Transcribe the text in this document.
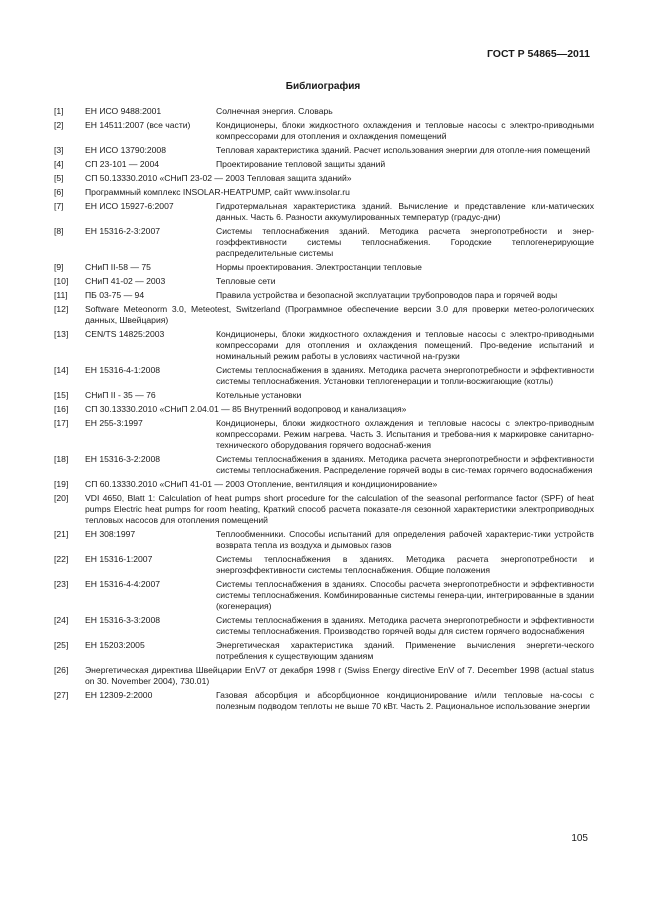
ГОСТ Р 54865—2011
Библиография
[1]	ЕН ИСО 9488:2001	Солнечная энергия. Словарь
[2]	ЕН 14511:2007 (все части)	Кондиционеры, блоки жидкостного охлаждения и тепловые насосы с электро-приводными компрессорами для отопления и охлаждения помещений
[3]	ЕН ИСО 13790:2008	Тепловая характеристика зданий. Расчет использования энергии для отопле-ния помещений
[4]	СП 23-101 — 2004	Проектирование тепловой защиты зданий
[5]	СП 50.13330.2010 «СНиП 23-02 — 2003 Тепловая защита зданий»
[6]	Программный комплекс INSOLAR-HEATPUMP, сайт www.insolar.ru
[7]	ЕН ИСО 15927-6:2007	Гидротермальная характеристика зданий. Вычисление и представление кли-матических данных. Часть 6. Разности аккумулированных температур (градус-дни)
[8]	ЕН 15316-2-3:2007	Системы теплоснабжения зданий. Методика расчета энергопотребности и энер-гоэффективности системы теплоснабжения. Городские теплогенерирующие распределительные системы
[9]	СНиП II-58 — 75	Нормы проектирования. Электростанции тепловые
[10]	СНиП 41-02 — 2003	Тепловые сети
[11]	ПБ 03-75 — 94	Правила устройства и безопасной эксплуатации трубопроводов пара и горячей воды
[12]	Software Meteonorm 3.0, Meteotest, Switzerland (Программное обеспечение версии 3.0 для проверки метео-рологических данных, Швейцария)
[13]	CEN/TS 14825:2003	Кондиционеры, блоки жидкостного охлаждения и тепловые насосы с электро-приводными компрессорами для отопления и охлаждения помещений. Про-ведение испытаний и номинальный режим работы в условиях частичной на-грузки
[14]	ЕН 15316-4-1:2008	Системы теплоснабжения в зданиях. Методика расчета энергопотребности и эффективности системы теплоснабжения. Установки теплогенерации и топли-восжигающие (котлы)
[15]	СНиП II - 35 — 76	Котельные установки
[16]	СП 30.13330.2010 «СНиП 2.04.01 — 85 Внутренний водопровод и канализация»
[17]	ЕН 255-3:1997	Кондиционеры, блоки жидкостного охлаждения и тепловые насосы с электро-приводным компрессорами. Режим нагрева. Часть 3. Испытания и требова-ния к маркировке санитарно-технического оборудования горячего водоснаб-жения
[18]	ЕН 15316-3-2:2008	Системы теплоснабжения в зданиях. Методика расчета энергопотребности и эффективности системы теплоснабжения. Распределение горячей воды в сис-темах горячего водоснабжения
[19]	СП 60.13330.2010 «СНиП 41-01 — 2003 Отопление, вентиляция и кондиционирование»
[20]	VDI 4650, Blatt 1: Calculation of heat pumps short procedure for the calculation of the seasonal performance factor (SPF) of heat pumps Electric heat pumps for room heating, Краткий способ расчета показате-ля сезонной характеристики электроприводных тепловых насосов для отопления помещений
[21]	ЕН 308:1997	Теплообменники. Способы испытаний для определения рабочей характерис-тики устройств возврата тепла из воздуха и дымовых газов
[22]	ЕН 15316-1:2007	Системы теплоснабжения в зданиях. Методика расчета энергопотребности и энергоэффективности системы теплоснабжения. Общие положения
[23]	ЕН 15316-4-4:2007	Системы теплоснабжения в зданиях. Способы расчета энергопотребности и эффективности системы теплоснабжения. Комбинированные системы генера-ции, интегрированные в здании (когенерация)
[24]	ЕН 15316-3-3:2008	Системы теплоснабжения в зданиях. Методика расчета энергопотребности и эффективности системы теплоснабжения. Производство горячей воды для систем горячего водоснабжения
[25]	ЕН 15203:2005	Энергетическая характеристика зданий. Применение вычисления энергети-ческого потребления к существующим зданиям
[26]	Энергетическая директива Швейцарии EnV7 от декабря 1998 г (Swiss Energy directive EnV of 7. December 1998 (actual status on 30. November 2004), 730.01)
[27]	ЕН 12309-2:2000	Газовая абсорбция и абсорбционное кондиционирование и/или тепловые на-сосы с полезным подводом теплоты не выше 70 кВт. Часть 2. Рациональное использование энергии
105
